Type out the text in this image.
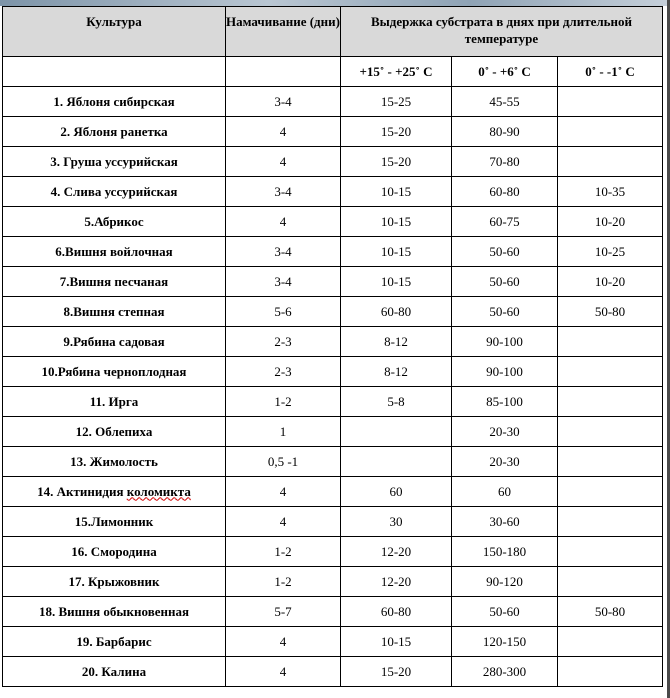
Культура	Намачивание (дни)	Выдержка субстрата в днях при длительной температуре		
		+15˚ - +25˚ C	0˚ - +6˚ C	0˚ - -1˚ C
1. Яблоня сибирская	3-4	15-25	45-55	
2. Яблоня ранетка	4	15-20	80-90	
3. Груша уссурийская	4	15-20	70-80	
4. Слива уссурийская	3-4	10-15	60-80	10-35
5.Абрикос	4	10-15	60-75	10-20
6.Вишня войлочная	3-4	10-15	50-60	10-25
7.Вишня песчаная	3-4	10-15	50-60	10-20
8.Вишня степная	5-6	60-80	50-60	50-80
9.Рябина садовая	2-3	8-12	90-100	
10.Рябина черноплодная	2-3	8-12	90-100	
11. Ирга	1-2	5-8	85-100	
12. Облепиха	1		20-30	
13. Жимолость	0,5 -1		20-30	
14. Актинидия коломикта	4	60	60	
15.Лимонник	4	30	30-60	
16. Смородина	1-2	12-20	150-180	
17. Крыжовник	1-2	12-20	90-120	
18. Вишня обыкновенная	5-7	60-80	50-60	50-80
19. Барбарис	4	10-15	120-150	
20. Калина	4	15-20	280-300	
